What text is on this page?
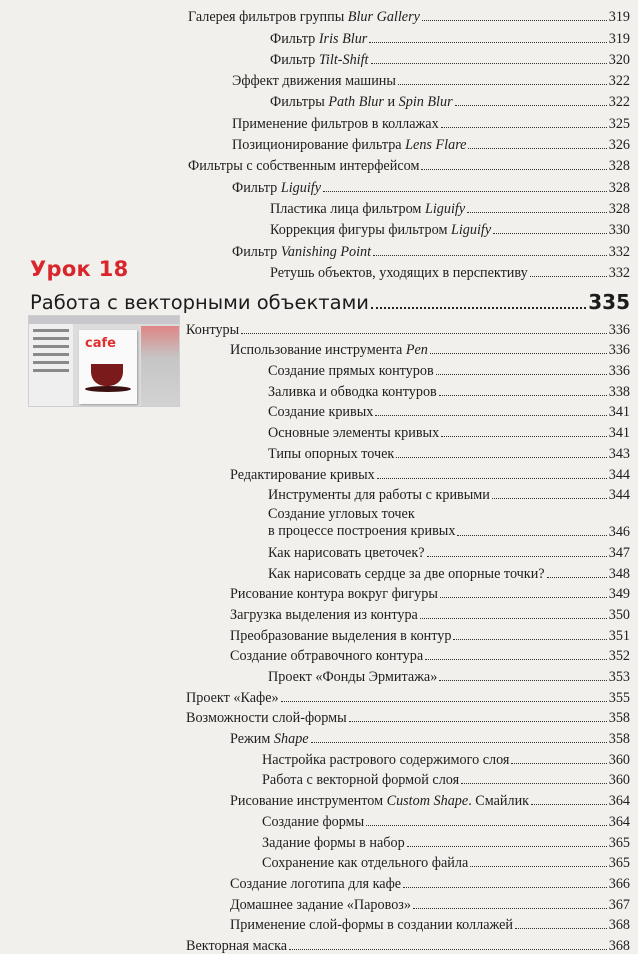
Галерея фильтров группы Blur Gallery	319
Фильтр Iris Blur	319
Фильтр Tilt-Shift	320
Эффект движения машины	322
Фильтры Path Blur и Spin Blur	322
Применение фильтров в коллажах	325
Позиционирование фильтра Lens Flare	326
Фильтры с собственным интерфейсом	328
Фильтр Liguify	328
Пластика лица фильтром Liguify	328
Коррекция фигуры фильтром Liguify	330
Фильтр Vanishing Point	332
Ретушь объектов, уходящих в перспективу	332
Урок 18
Работа с векторными объектами	335
cafe
Контуры	336
Использование инструмента Pen	336
Создание прямых контуров	336
Заливка и обводка контуров	338
Создание кривых	341
Основные элементы кривых	341
Типы опорных точек	343
Редактирование кривых	344
Инструменты для работы с кривыми	344
Создание угловых точек
в процессе построения кривых	346
Как нарисовать цветочек?	347
Как нарисовать сердце за две опорные точки?	348
Рисование контура вокруг фигуры	349
Загрузка выделения из контура	350
Преобразование выделения в контур	351
Создание обтравочного контура	352
Проект «Фонды Эрмитажа»	353
Проект «Кафе»	355
Возможности слой-формы	358
Режим Shape	358
Настройка растрового содержимого слоя	360
Работа с векторной формой слоя	360
Рисование инструментом Custom Shape. Смайлик	364
Создание формы	364
Задание формы в набор	365
Сохранение как отдельного файла	365
Создание логотипа для кафе	366
Домашнее задание «Паровоз»	367
Применение слой-формы в создании коллажей	368
Векторная маска	368
